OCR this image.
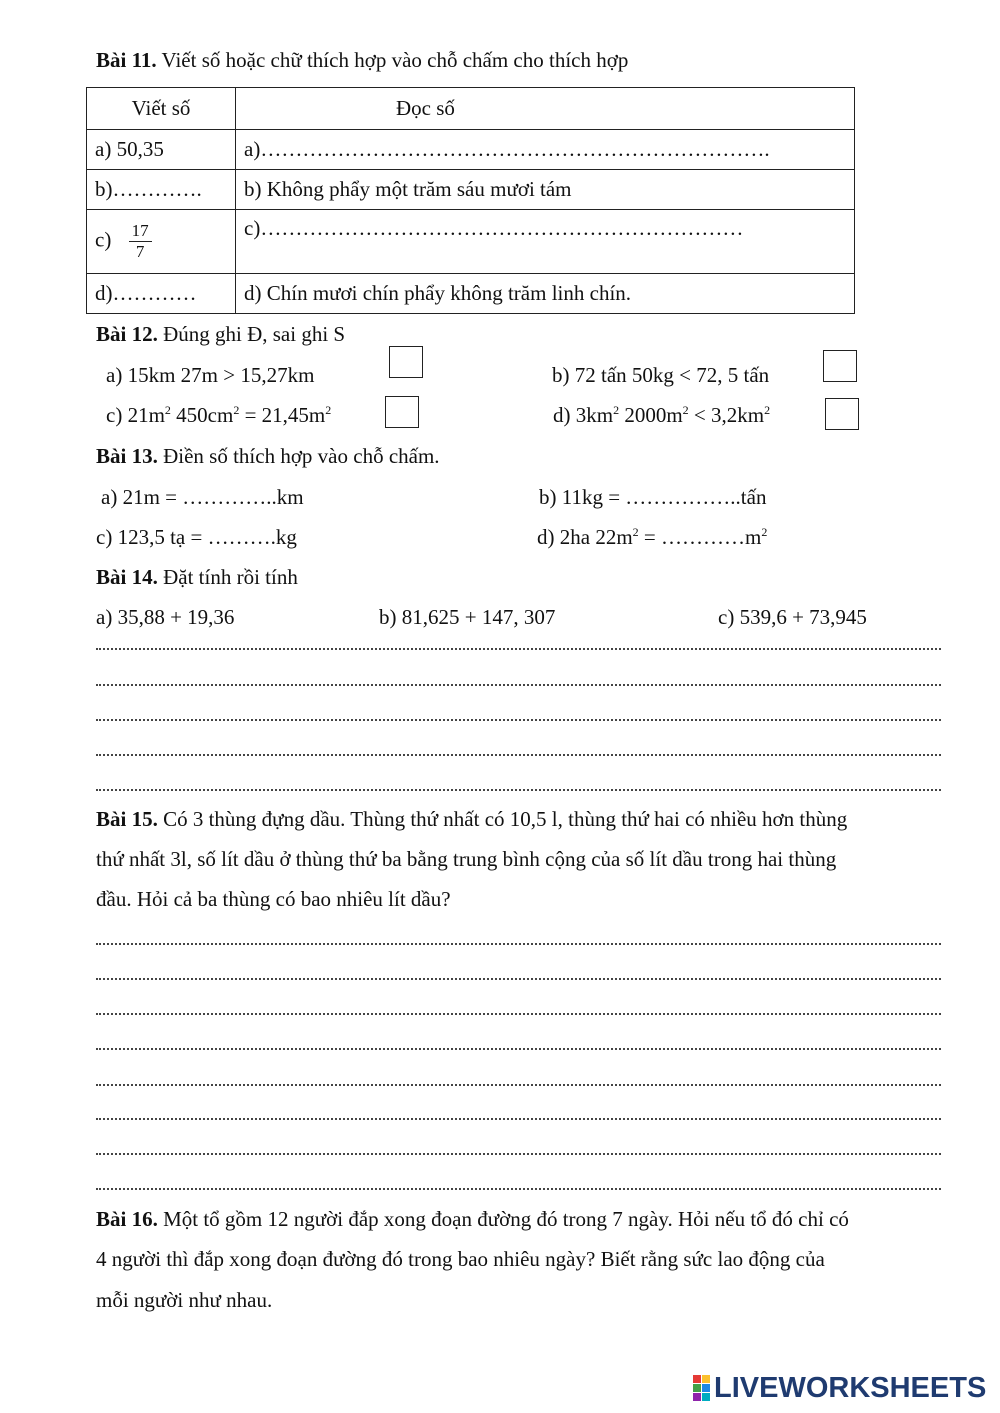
Bài 11. Viết số hoặc chữ thích hợp vào chỗ chấm cho thích hợp
Viết số	Đọc số
a) 50,35	a)……………………………………………………………….
b)………….	b) Không phẩy một trăm sáu mươi tám
$c) \frac{17}{7}$	c)……………………………………………………………
d)…………	d) Chín mươi chín phẩy không trăm linh chín.
Bài 12. Đúng ghi Đ, sai ghi S
a) 15km 27m > 15,27km	b) 72 tấn 50kg < 72, 5 tấn
c) $21m^2$ $450cm^2 = 21,45m^2$	d) $3km^2$ $2000m^2 < 3,2km^2$
Bài 13. Điền số thích hợp vào chỗ chấm.
a) 21m = …………..km	b) 11kg = ……………..tấn
c) 123,5 tạ = ……….kg	d) 2ha $22m^2$ = $\dots\dots\dots\dots m^2$
Bài 14. Đặt tính rồi tính
a) 35,88 + 19,36	b) 81,625 + 147, 307	c) 539,6 + 73,945
Bài 15. Có 3 thùng đựng dầu. Thùng thứ nhất có 10,5 l, thùng thứ hai có nhiều hơn thùng
thứ nhất 3l, số lít dầu ở thùng thứ ba bằng trung bình cộng của số lít dầu trong hai thùng
đầu. Hỏi cả ba thùng có bao nhiêu lít dầu?
Bài 16. Một tổ gồm 12 người đắp xong đoạn đường đó trong 7 ngày. Hỏi nếu tổ đó chỉ có
4 người thì đắp xong đoạn đường đó trong bao nhiêu ngày? Biết rằng sức lao động của
mỗi người như nhau.
LIVEWORKSHEETS
